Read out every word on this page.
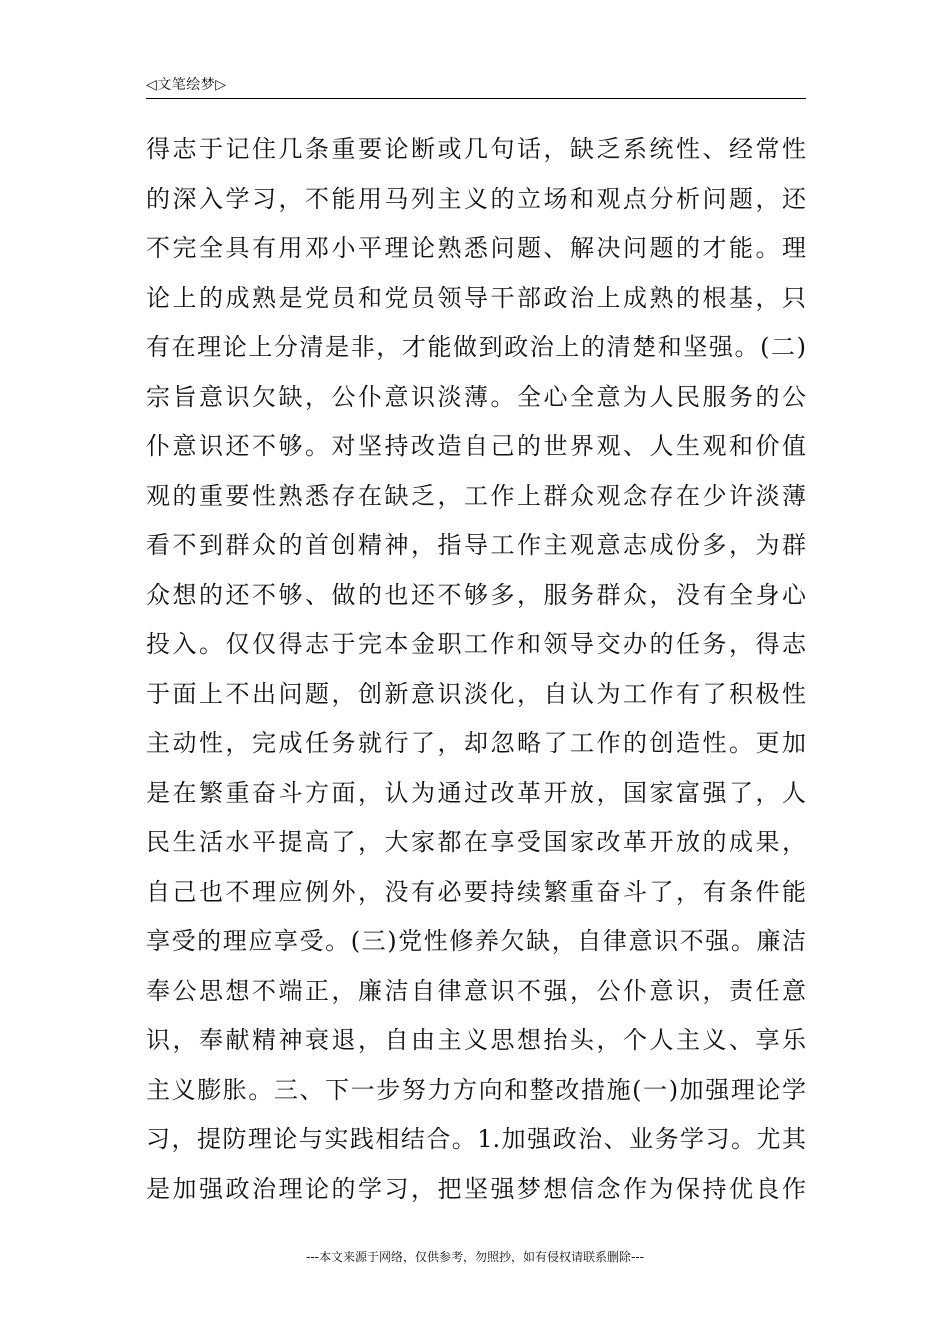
◁文笔绘梦▷
得志于记住几条重要论断或几句话，缺乏系统性、经常性
的深入学习，不能用马列主义的立场和观点分析问题，还
不完全具有用邓小平理论熟悉问题、解决问题的才能。理
论上的成熟是党员和党员领导干部政治上成熟的根基，只
有在理论上分清是非，才能做到政治上的清楚和坚强。(二)
宗旨意识欠缺，公仆意识淡薄。全心全意为人民服务的公
仆意识还不够。对坚持改造自己的世界观、人生观和价值
观的重要性熟悉存在缺乏，工作上群众观念存在少许淡薄
看不到群众的首创精神，指导工作主观意志成份多，为群
众想的还不够、做的也还不够多，服务群众，没有全身心
投入。仅仅得志于完本金职工作和领导交办的任务，得志
于面上不出问题，创新意识淡化，自认为工作有了积极性
主动性，完成任务就行了，却忽略了工作的创造性。更加
是在繁重奋斗方面，认为通过改革开放，国家富强了，人
民生活水平提高了，大家都在享受国家改革开放的成果，
自己也不理应例外，没有必要持续繁重奋斗了，有条件能
享受的理应享受。(三)党性修养欠缺，自律意识不强。廉洁
奉公思想不端正，廉洁自律意识不强，公仆意识，责任意
识，奉献精神衰退，自由主义思想抬头，个人主义、享乐
主义膨胀。三、下一步努力方向和整改措施(一)加强理论学
习，提防理论与实践相结合。1.加强政治、业务学习。尤其
是加强政治理论的学习，把坚强梦想信念作为保持优良作
---本文来源于网络，仅供参考，勿照抄，如有侵权请联系删除---
